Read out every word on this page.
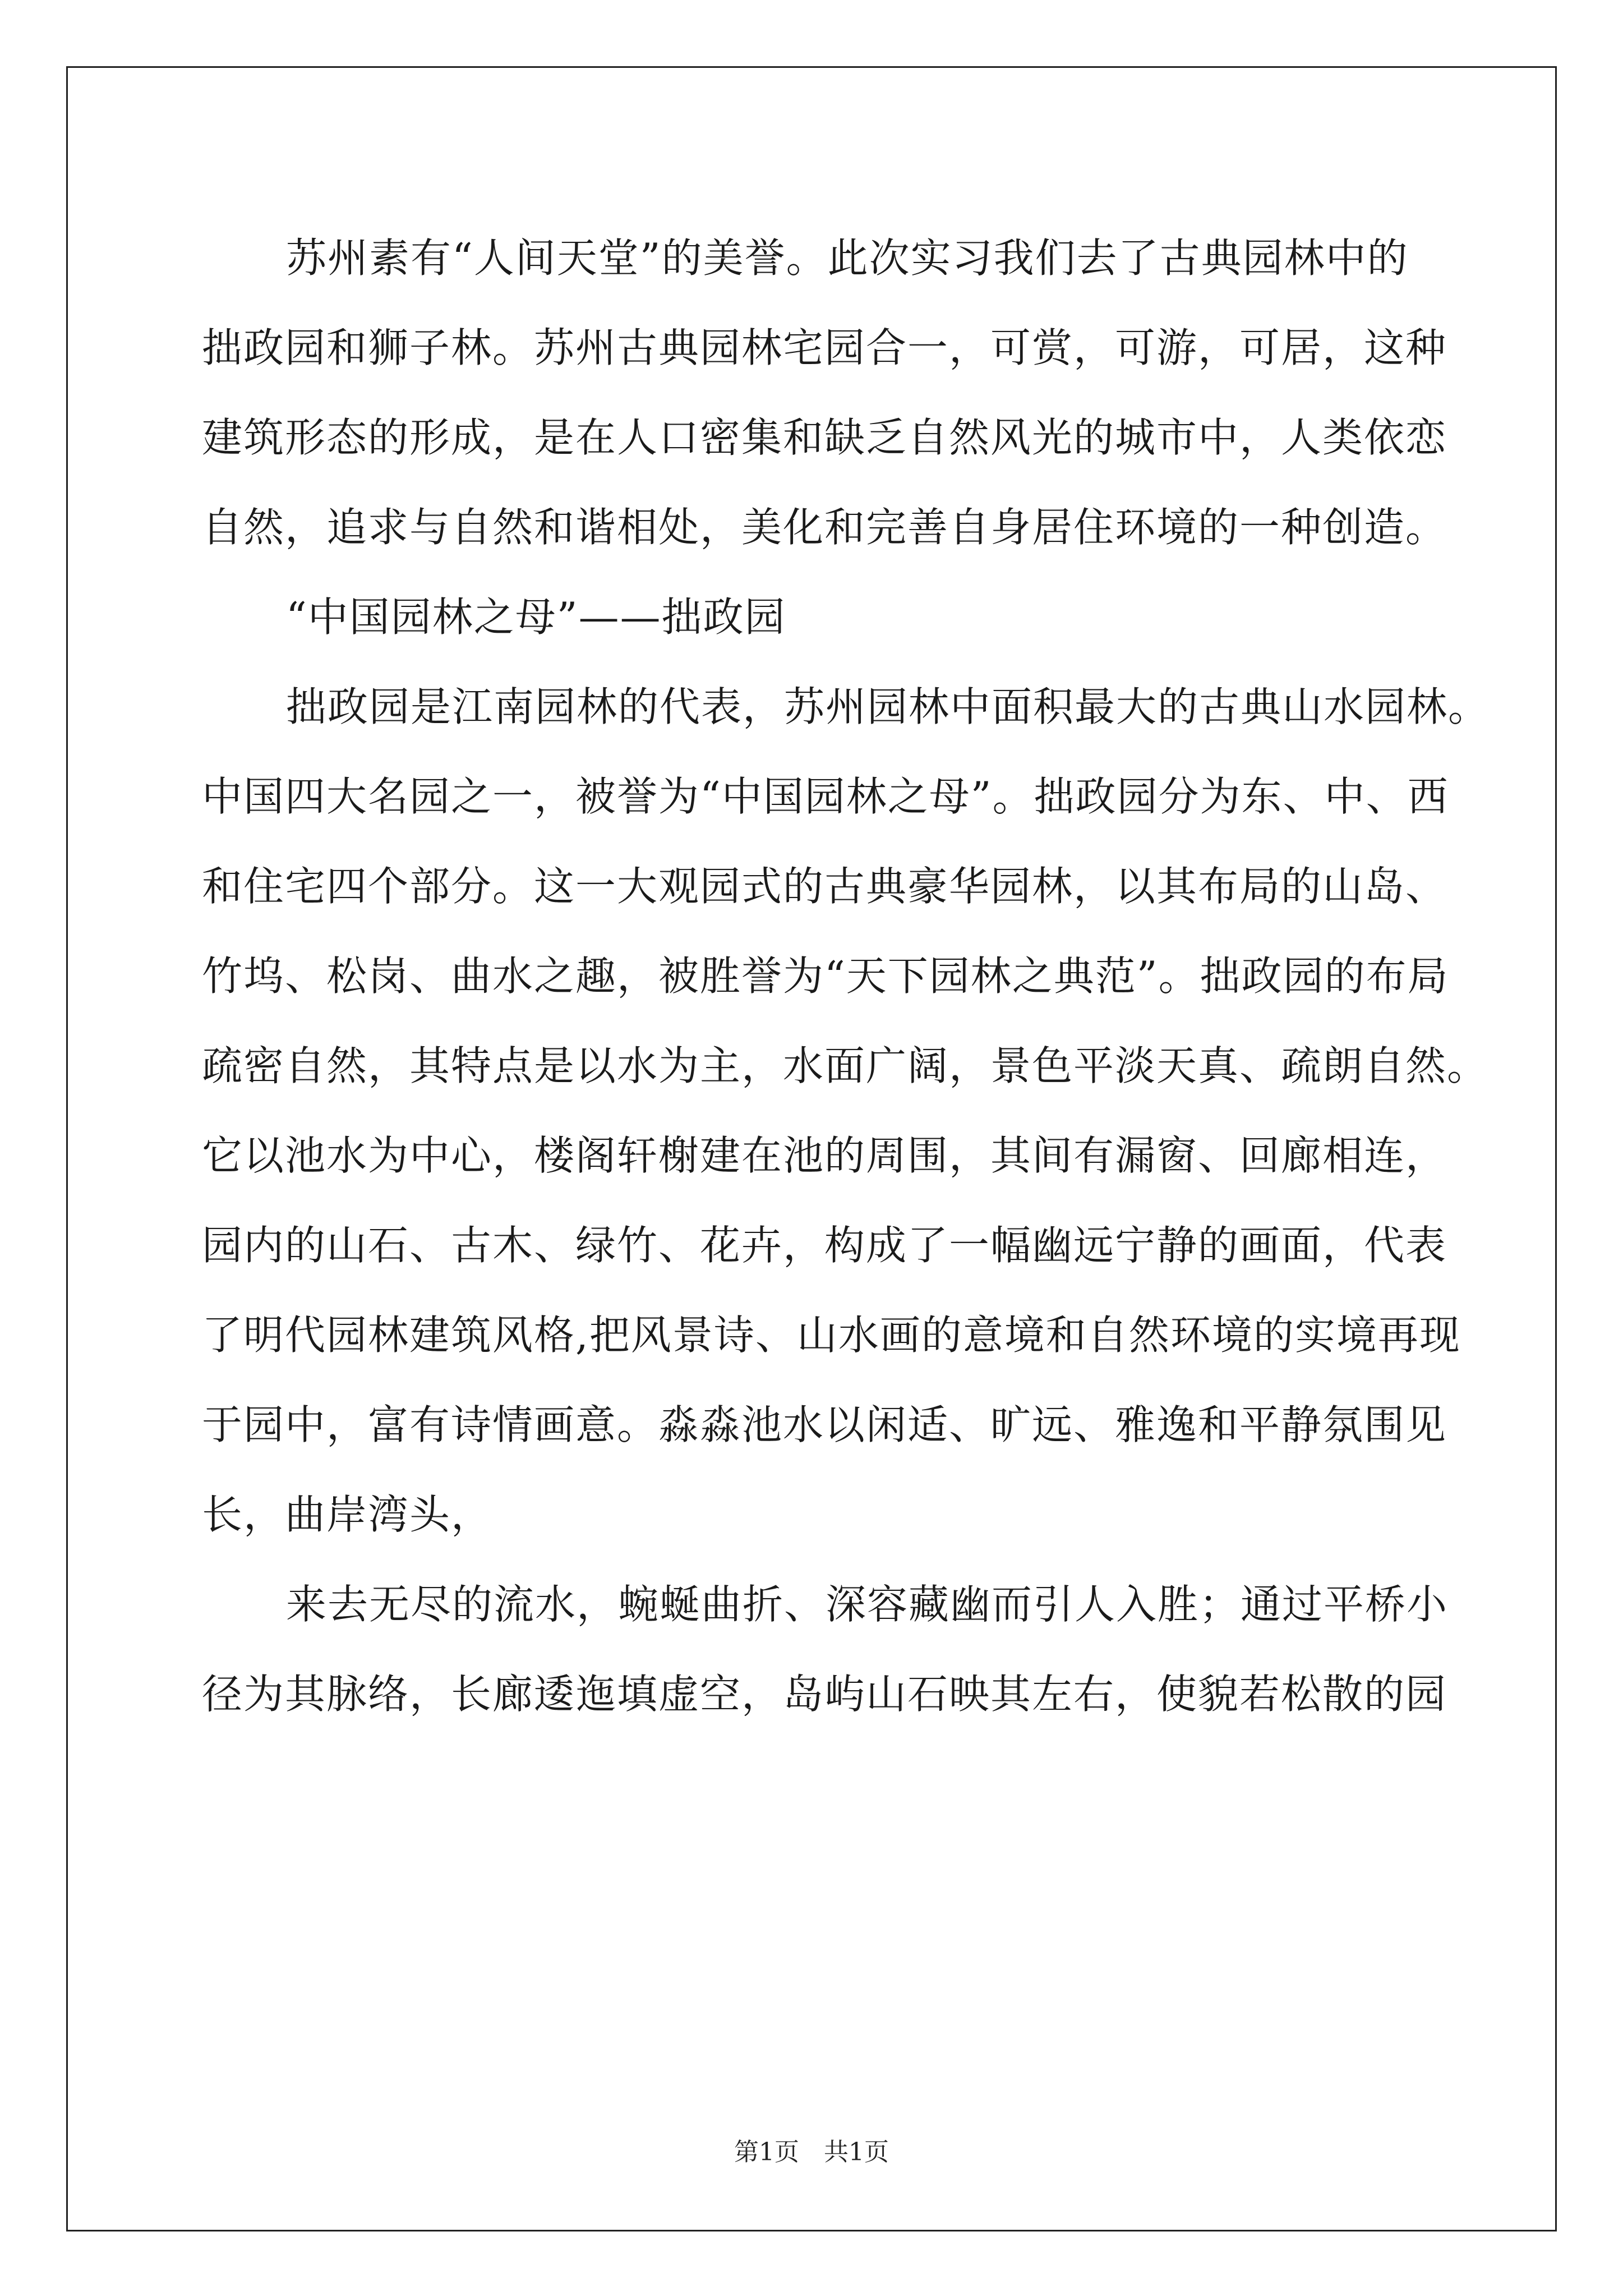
苏州素有“人间天堂”的美誉。此次实习我们去了古典园林中的
拙政园和狮子林。苏州古典园林宅园合一，可赏，可游，可居，这种
建筑形态的形成，是在人口密集和缺乏自然风光的城市中，人类依恋
自然，追求与自然和谐相处，美化和完善自身居住环境的一种创造。
“中国园林之母”——拙政园
拙政园是江南园林的代表，苏州园林中面积最大的古典山水园林。
中国四大名园之一，被誉为“中国园林之母”。拙政园分为东、中、西
和住宅四个部分。这一大观园式的古典豪华园林，以其布局的山岛、
竹坞、松岗、曲水之趣，被胜誉为“天下园林之典范”。拙政园的布局
疏密自然，其特点是以水为主，水面广阔，景色平淡天真、疏朗自然。
它以池水为中心，楼阁轩榭建在池的周围，其间有漏窗、回廊相连，
园内的山石、古木、绿竹、花卉，构成了一幅幽远宁静的画面，代表
了明代园林建筑风格,把风景诗、山水画的意境和自然环境的实境再现
于园中，富有诗情画意。淼淼池水以闲适、旷远、雅逸和平静氛围见
长，曲岸湾头，
来去无尽的流水，蜿蜒曲折、深容藏幽而引人入胜；通过平桥小
径为其脉络，长廊逶迤填虚空，岛屿山石映其左右，使貌若松散的园
第1页　共1页
